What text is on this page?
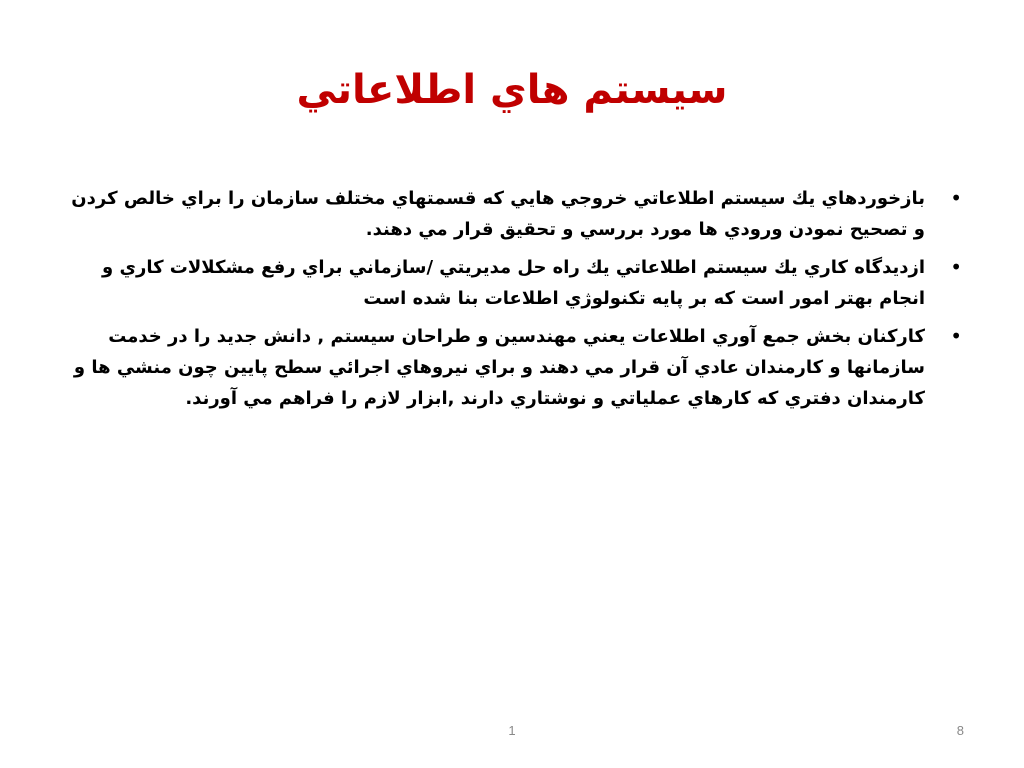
سيستم هاي اطلاعاتي
•
بازخوردهاي يك سيستم اطلاعاتي خروجي هايي كه قسمتهاي مختلف سازمان را براي خالص كردن و تصحيح نمودن ورودي ها مورد بررسي و تحقيق قرار مي دهند.
•
ازديدگاه كاري يك سيستم اطلاعاتي يك راه حل مديريتي /سازماني براي رفع مشكلالات كاري و انجام بهتر امور است كه بر پايه تكنولوژي اطلاعات بنا شده است
•
كاركنان بخش جمع آوري اطلاعات يعني مهندسين و طراحان سيستم , دانش جديد را در خدمت سازمانها و كارمندان عادي آن قرار مي دهند و براي نيروهاي اجرائي سطح پايين چون منشي ها و كارمندان دفتري كه كارهاي عملياتي و نوشتاري دارند ,ابزار لازم را فراهم مي آورند.
1	8
